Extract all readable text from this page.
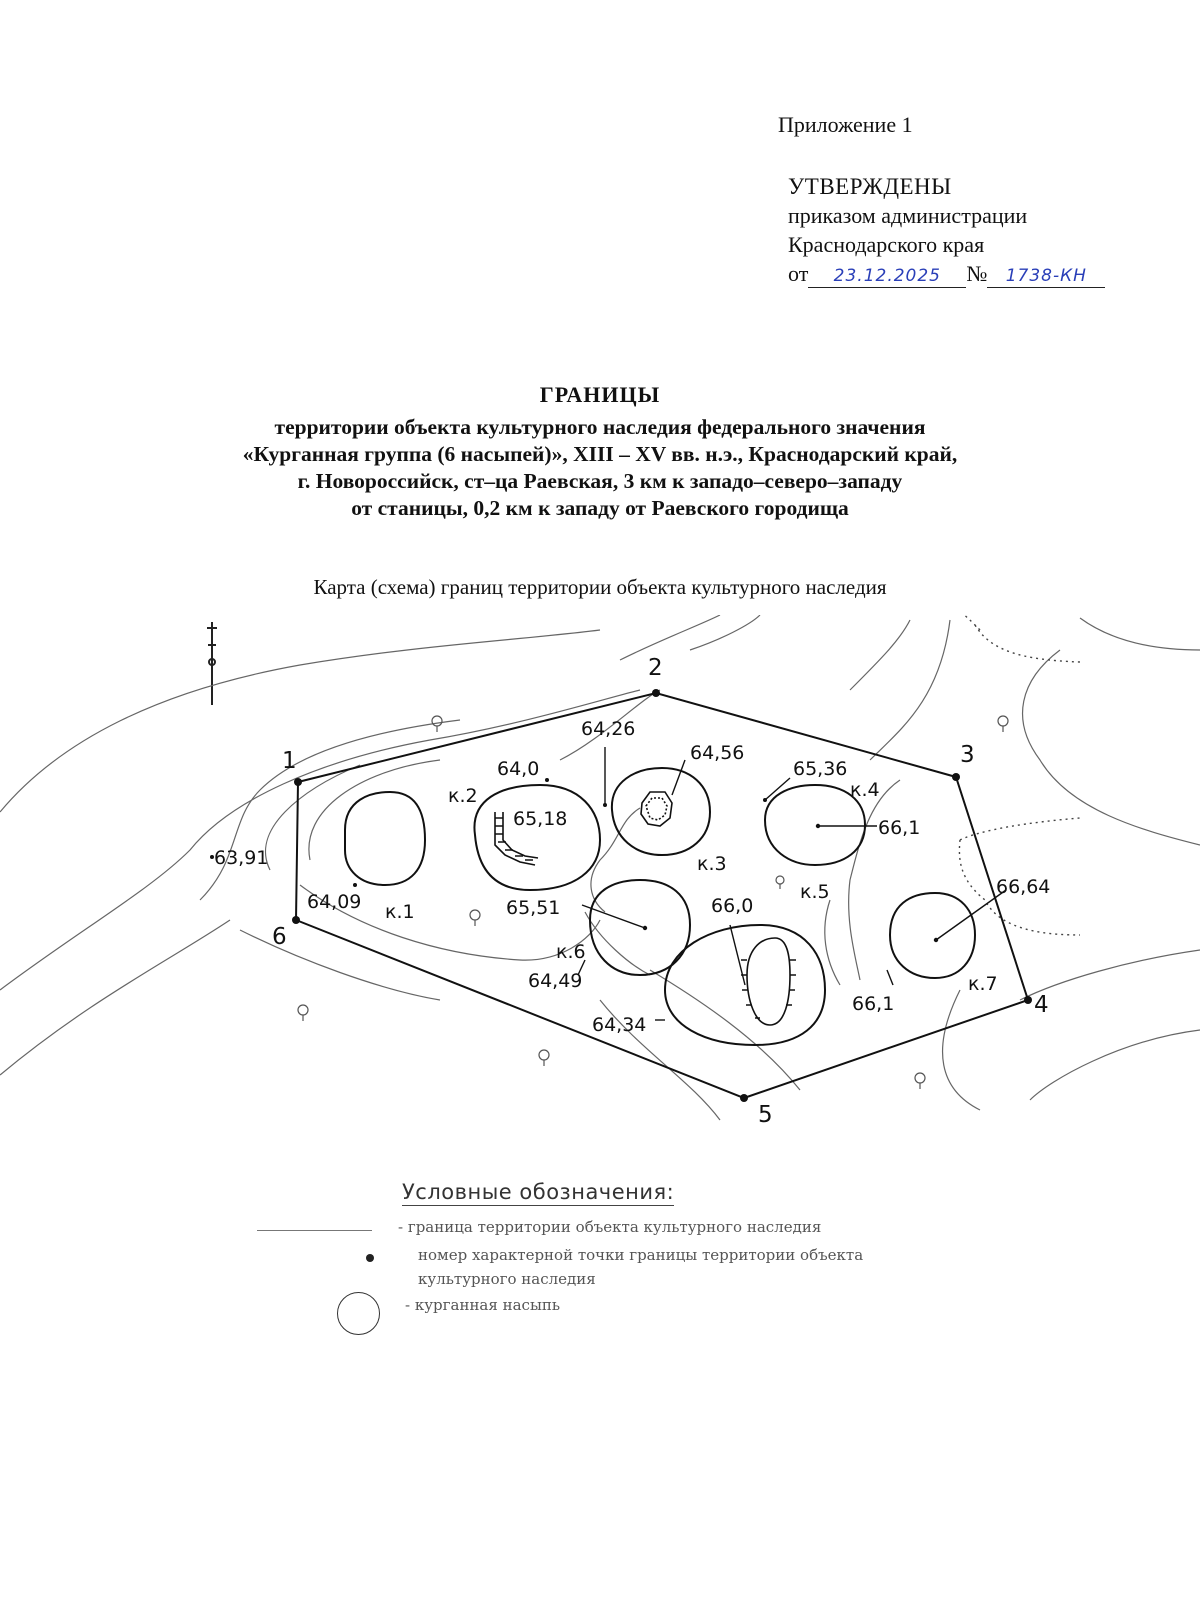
Приложение 1
УТВЕРЖДЕНЫ
приказом администрации
Краснодарского края
от 23.12.2025 № 1738-КН
ГРАНИЦЫ
территории объекта культурного наследия федерального значения
«Курганная группа (6 насыпей)», XIII – XV вв. н.э., Краснодарский край,
г. Новороссийск, ст–ца Раевская, 3 км к западо–северо–западу
от станицы, 0,2 км к западу от Раевского городища
Карта (схема) границ территории объекта культурного наследия
1
2
3
4
5
6
к.1
к.2
к.3
к.4
к.5
к.6
к.7
63,91
64,0
64,26
64,56
65,36
65,18	66,1
64,09	65,51	66,0
66,64
64,49
64,34
66,1
Условные обозначения:
- граница территории объекта культурного наследия
номер характерной точки границы территории объекта
культурного наследия
- курганная насыпь
